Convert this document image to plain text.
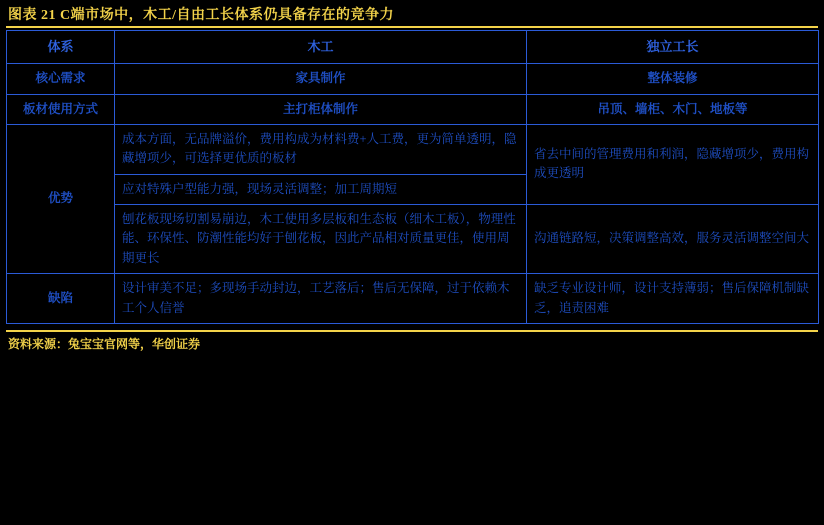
图表 21 C端市场中，木工/自由工长体系仍具备存在的竞争力
体系	木工	独立工长
核心需求	家具制作	整体装修
板材使用方式	主打柜体制作	吊顶、墙柜、木门、地板等
优势	成本方面，无品牌溢价，费用构成为材料费+人工费，更为简单透明，隐藏增项少，可选择更优质的板材	省去中间的管理费用和利润，隐藏增项少，费用构成更透明
	应对特殊户型能力强，现场灵活调整；加工周期短	
	刨花板现场切割易崩边，木工使用多层板和生态板（细木工板），物理性能、环保性、防潮性能均好于刨花板，因此产品相对质量更佳，使用周期更长	沟通链路短，决策调整高效，服务灵活调整空间大
缺陷	设计审美不足；多现场手动封边，工艺落后；售后无保障，过于依赖木工个人信誉	缺乏专业设计师，设计支持薄弱；售后保障机制缺乏，追责困难
资料来源：兔宝宝官网等，华创证券
